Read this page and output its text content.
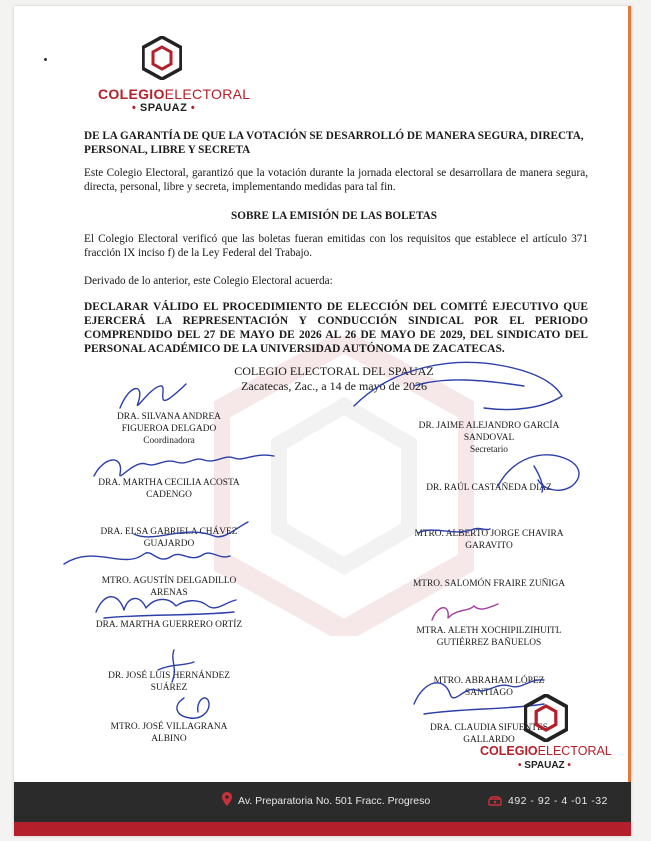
COLEGIOELECTORAL
• SPAUAZ •
DE LA GARANTÍA DE QUE LA VOTACIÓN SE DESARROLLÓ DE MANERA SEGURA, DIRECTA, PERSONAL, LIBRE Y SECRETA
Este Colegio Electoral, garantizó que la votación durante la jornada electoral se desarrollara de manera segura, directa, personal, libre y secreta, implementando medidas para tal fin.
SOBRE LA EMISIÓN DE LAS BOLETAS
El Colegio Electoral verificó que las boletas fueran emitidas con los requisitos que establece el artículo 371 fracción IX inciso f) de la Ley Federal del Trabajo.
Derivado de lo anterior, este Colegio Electoral acuerda:
DECLARAR VÁLIDO EL PROCEDIMIENTO DE ELECCIÓN DEL COMITÉ EJECUTIVO QUE EJERCERÁ LA REPRESENTACIÓN Y CONDUCCIÓN SINDICAL POR EL PERIODO COMPRENDIDO DEL 27 DE MAYO DE 2026 AL 26 DE MAYO DE 2029, DEL SINDICATO DEL PERSONAL ACADÉMICO DE LA UNIVERSIDAD AUTÓNOMA DE ZACATECAS.
COLEGIO ELECTORAL DEL SPAUAZ
Zacatecas, Zac., a 14 de mayo de 2026
DRA. SILVANA ANDREA
FIGUEROA DELGADO
Coordinadora
DRA. MARTHA CECILIA ACOSTA
CADENGO
DRA. ELSA GABRIELA CHÁVEZ
GUAJARDO
MTRO. AGUSTÍN DELGADILLO
ARENAS
DRA. MARTHA GUERRERO ORTÍZ
DR. JOSÉ LUIS HERNÁNDEZ
SUÁREZ
MTRO. JOSÉ VILLAGRANA
ALBINO
DR. JAIME ALEJANDRO GARCÍA
SANDOVAL
Secretario
DR. RAÚL CASTAÑEDA DIAZ
MTRO. ALBERTO JORGE CHAVIRA
GARAVITO
MTRO. SALOMÓN FRAIRE ZUÑIGA
MTRA. ALETH XOCHIPILZIHUITL
GUTIÉRREZ BAÑUELOS
MTRO. ABRAHAM LÓPEZ
SANTIAGO
DRA. CLAUDIA SIFUENTES
GALLARDO
COLEGIOELECTORAL
• SPAUAZ •
Av. Preparatoria No. 501 Fracc. Progreso	492 - 92 - 4 -01 -32
